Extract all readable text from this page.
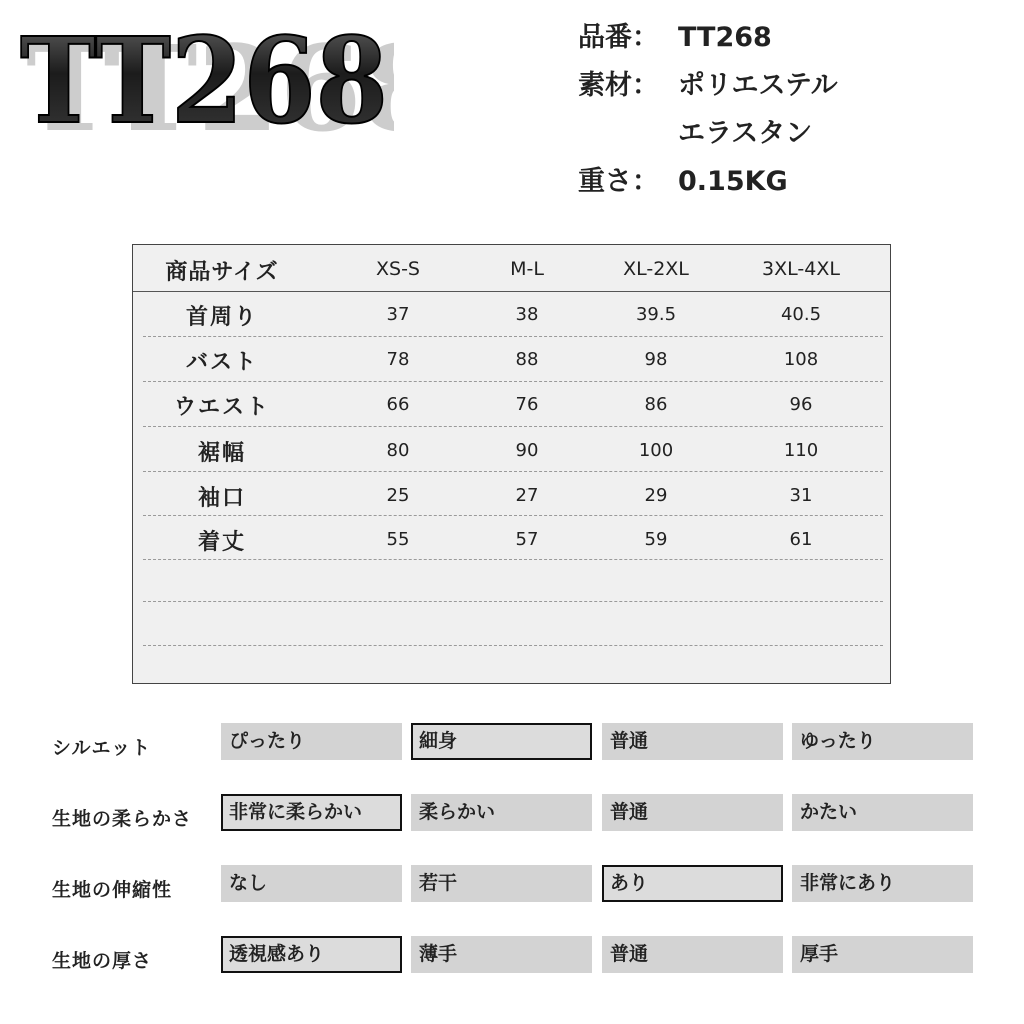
TT26
TT268	品番： TT268
素材： ポリエステル
エラスタン
重さ： 0.15KG
商品サイズ	XS-S	M-L	XL-2XL	3XL-4XL
首周り	37	38	39.5	40.5
バスト	78	88	98	108
ウエスト	66	76	86	96
裾幅	80	90	100	110
袖口	25	27	29	31
着丈	55	57	59	61
シルエット	ぴったり	細身	普通	ゆったり
生地の柔らかさ	非常に柔らかい	柔らかい	普通	かたい
生地の伸縮性	なし	若干	あり	非常にあり
生地の厚さ	透視感あり	薄手	普通	厚手
